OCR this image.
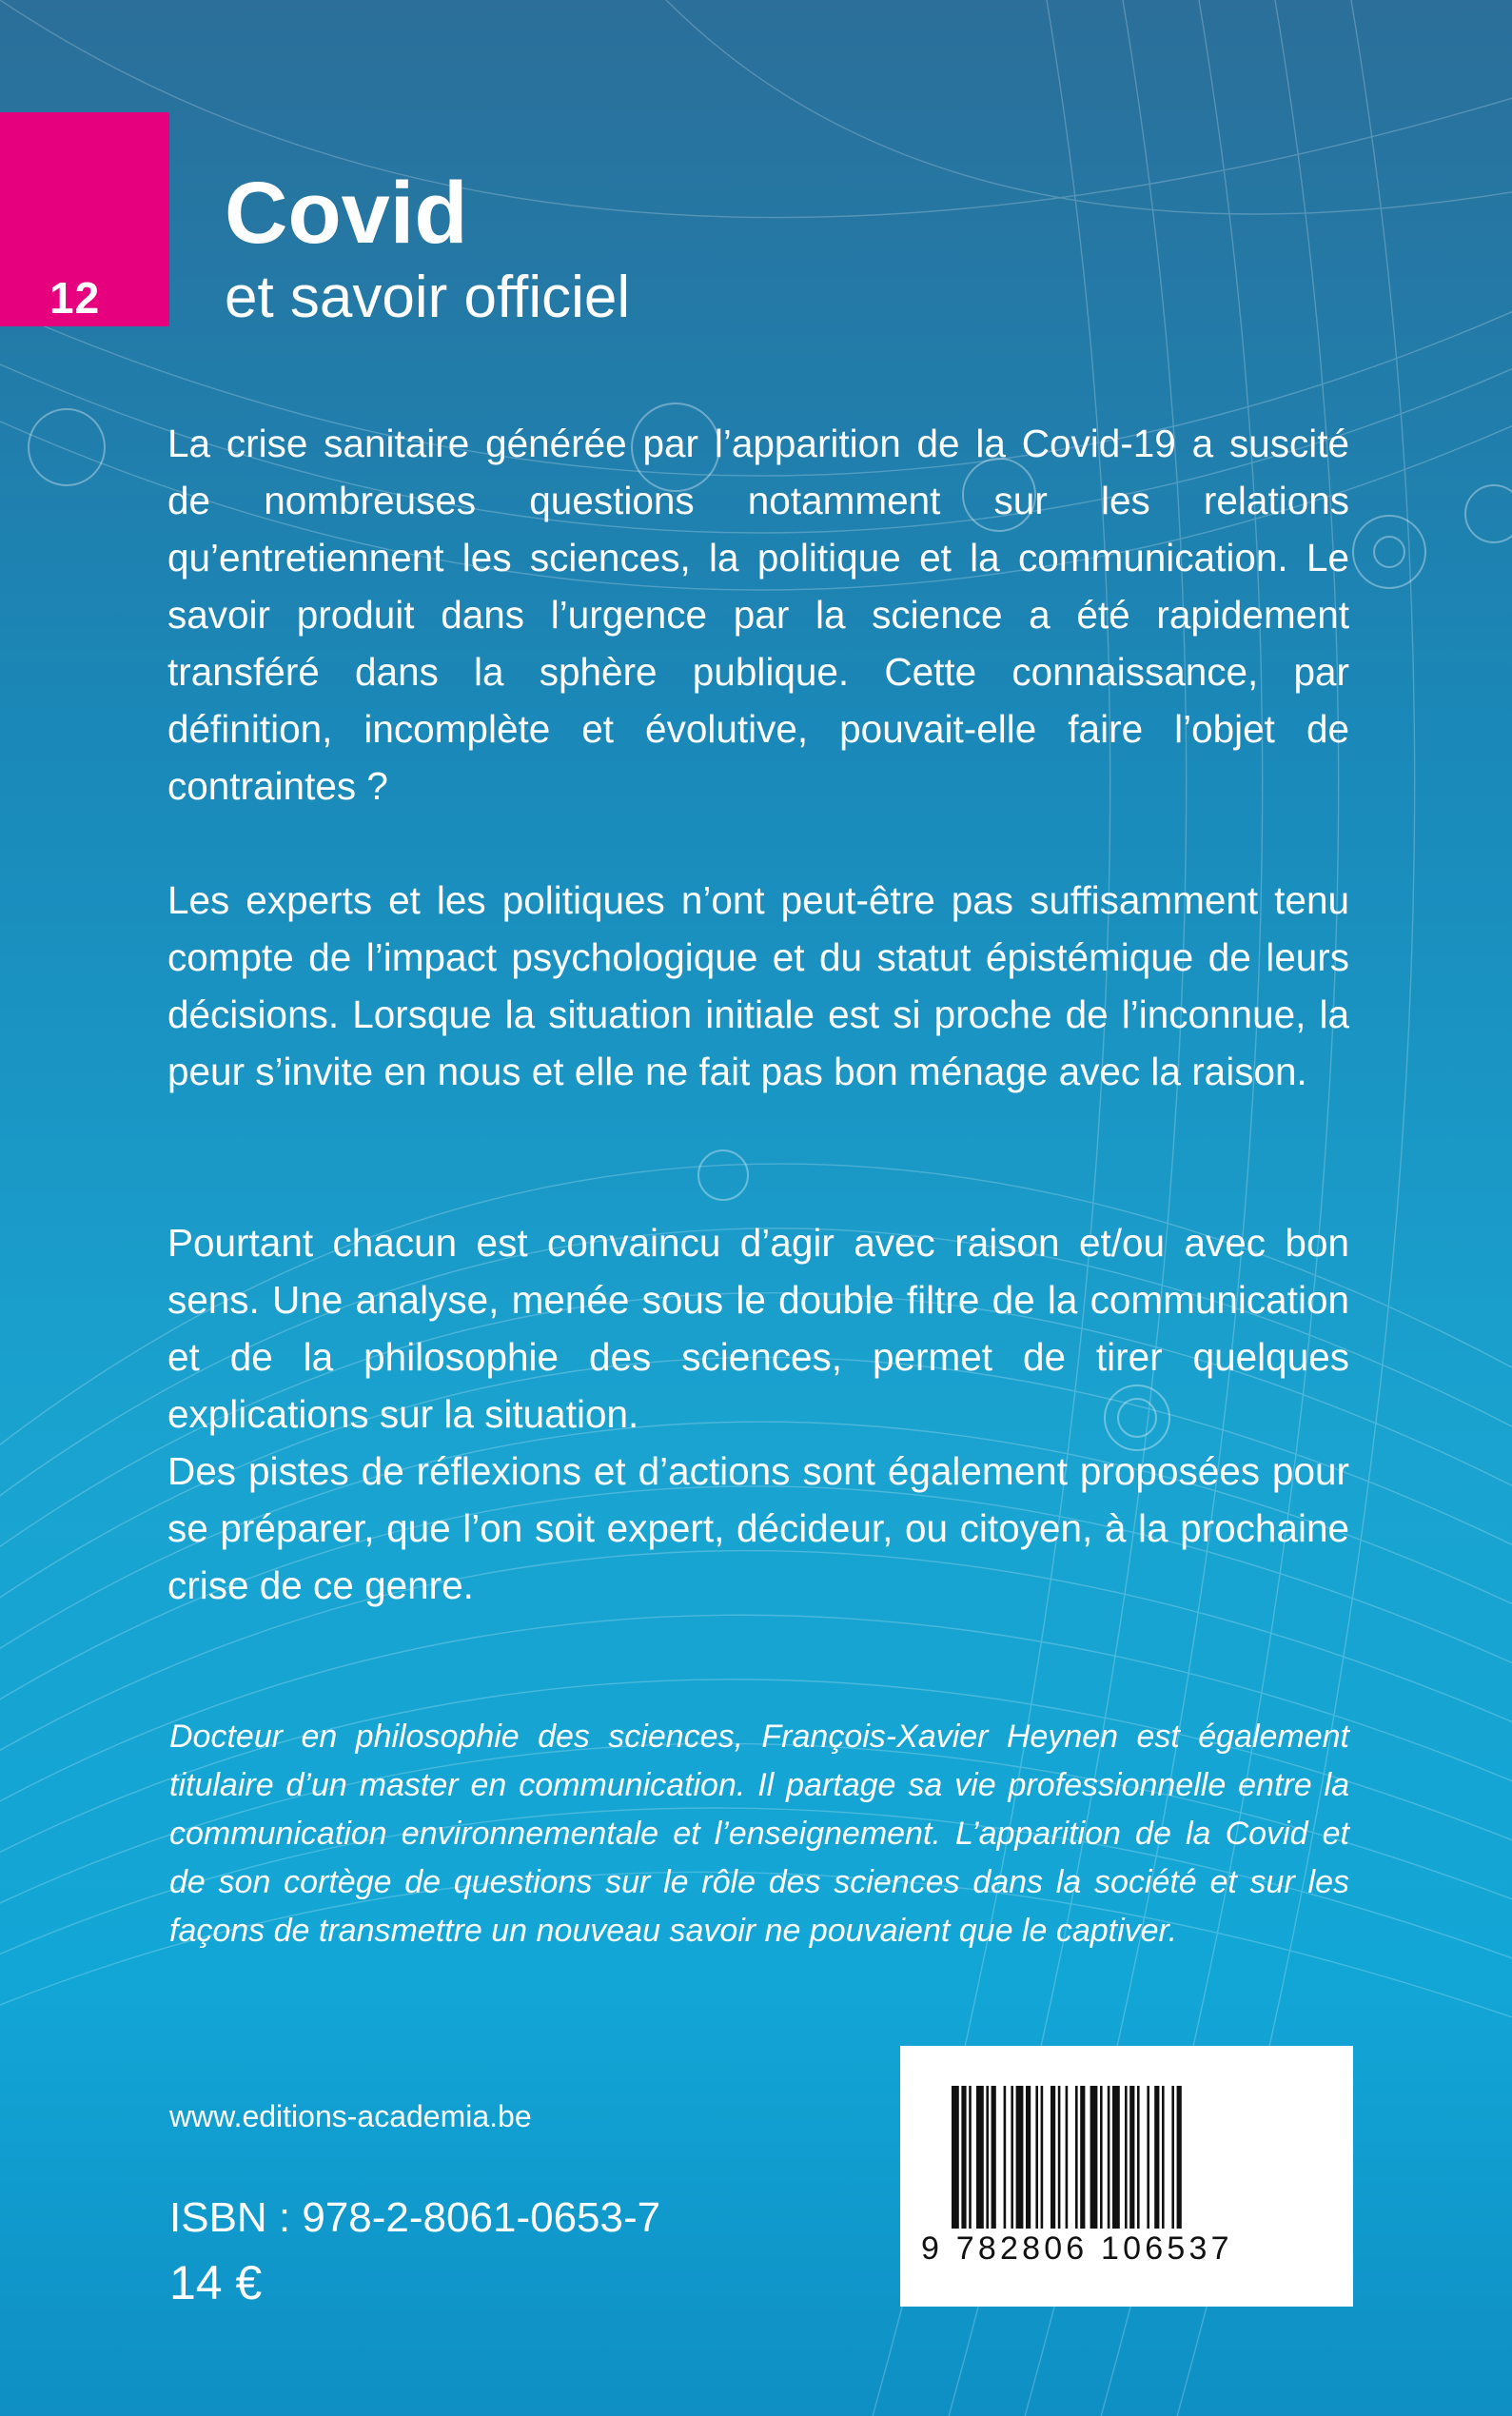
12
Covid
et savoir officiel
La crise sanitaire générée par l’apparition de la Covid-19 a suscité de nombreuses questions notamment sur les relations qu’entretiennent les sciences, la politique et la communication. Le savoir produit dans l’urgence par la science a été rapidement transféré dans la sphère publique. Cette connaissance, par définition, incomplète et évolutive, pouvait-elle faire l’objet de contraintes ?
Les experts et les politiques n’ont peut-être pas suffisamment tenu compte de l’impact psychologique et du statut épistémique de leurs décisions. Lorsque la situation initiale est si proche de l’inconnue, la peur s’invite en nous et elle ne fait pas bon ménage avec la raison.
Pourtant chacun est convaincu d’agir avec raison et/ou avec bon sens. Une analyse, menée sous le double filtre de la communication et de la philosophie des sciences, permet de tirer quelques explications sur la situation.
Des pistes de réflexions et d’actions sont également proposées pour se préparer, que l’on soit expert, décideur, ou citoyen, à la prochaine crise de ce genre.
Docteur en philosophie des sciences, François-Xavier Heynen est également titulaire d’un master en communication. Il partage sa vie professionnelle entre la communication environnementale et l’enseignement. L’apparition de la Covid et de son cortège de questions sur le rôle des sciences dans la société et sur les façons de transmettre un nouveau savoir ne pouvaient que le captiver.
www.editions-academia.be
ISBN : 978-2-8061-0653-7
14 €
9 782806 106537
